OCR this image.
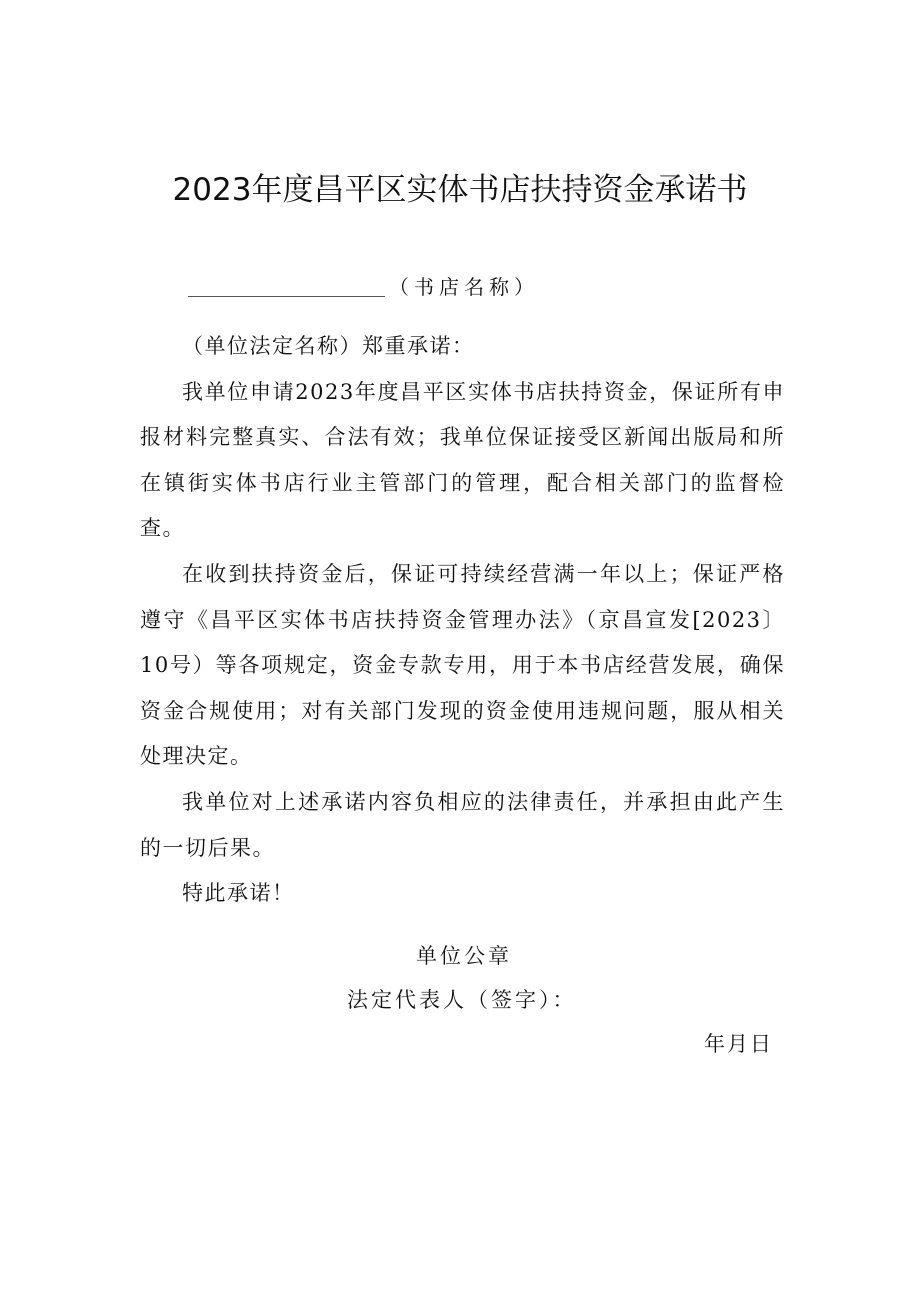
2023年度昌平区实体书店扶持资金承诺书
（书店名称）

（单位法定名称）郑重承诺：

我单位申请2023年度昌平区实体书店扶持资金，保证所有申报材料完整真实、合法有效；我单位保证接受区新闻出版局和所在镇街实体书店行业主管部门的管理，配合相关部门的监督检查。

在收到扶持资金后，保证可持续经营满一年以上；保证严格遵守《昌平区实体书店扶持资金管理办法》（京昌宣发[2023〕10号）等各项规定，资金专款专用，用于本书店经营发展，确保资金合规使用；对有关部门发现的资金使用违规问题，服从相关处理决定。

我单位对上述承诺内容负相应的法律责任，并承担由此产生的一切后果。

特此承诺！

单位公章
法定代表人（签字）：
年月日
